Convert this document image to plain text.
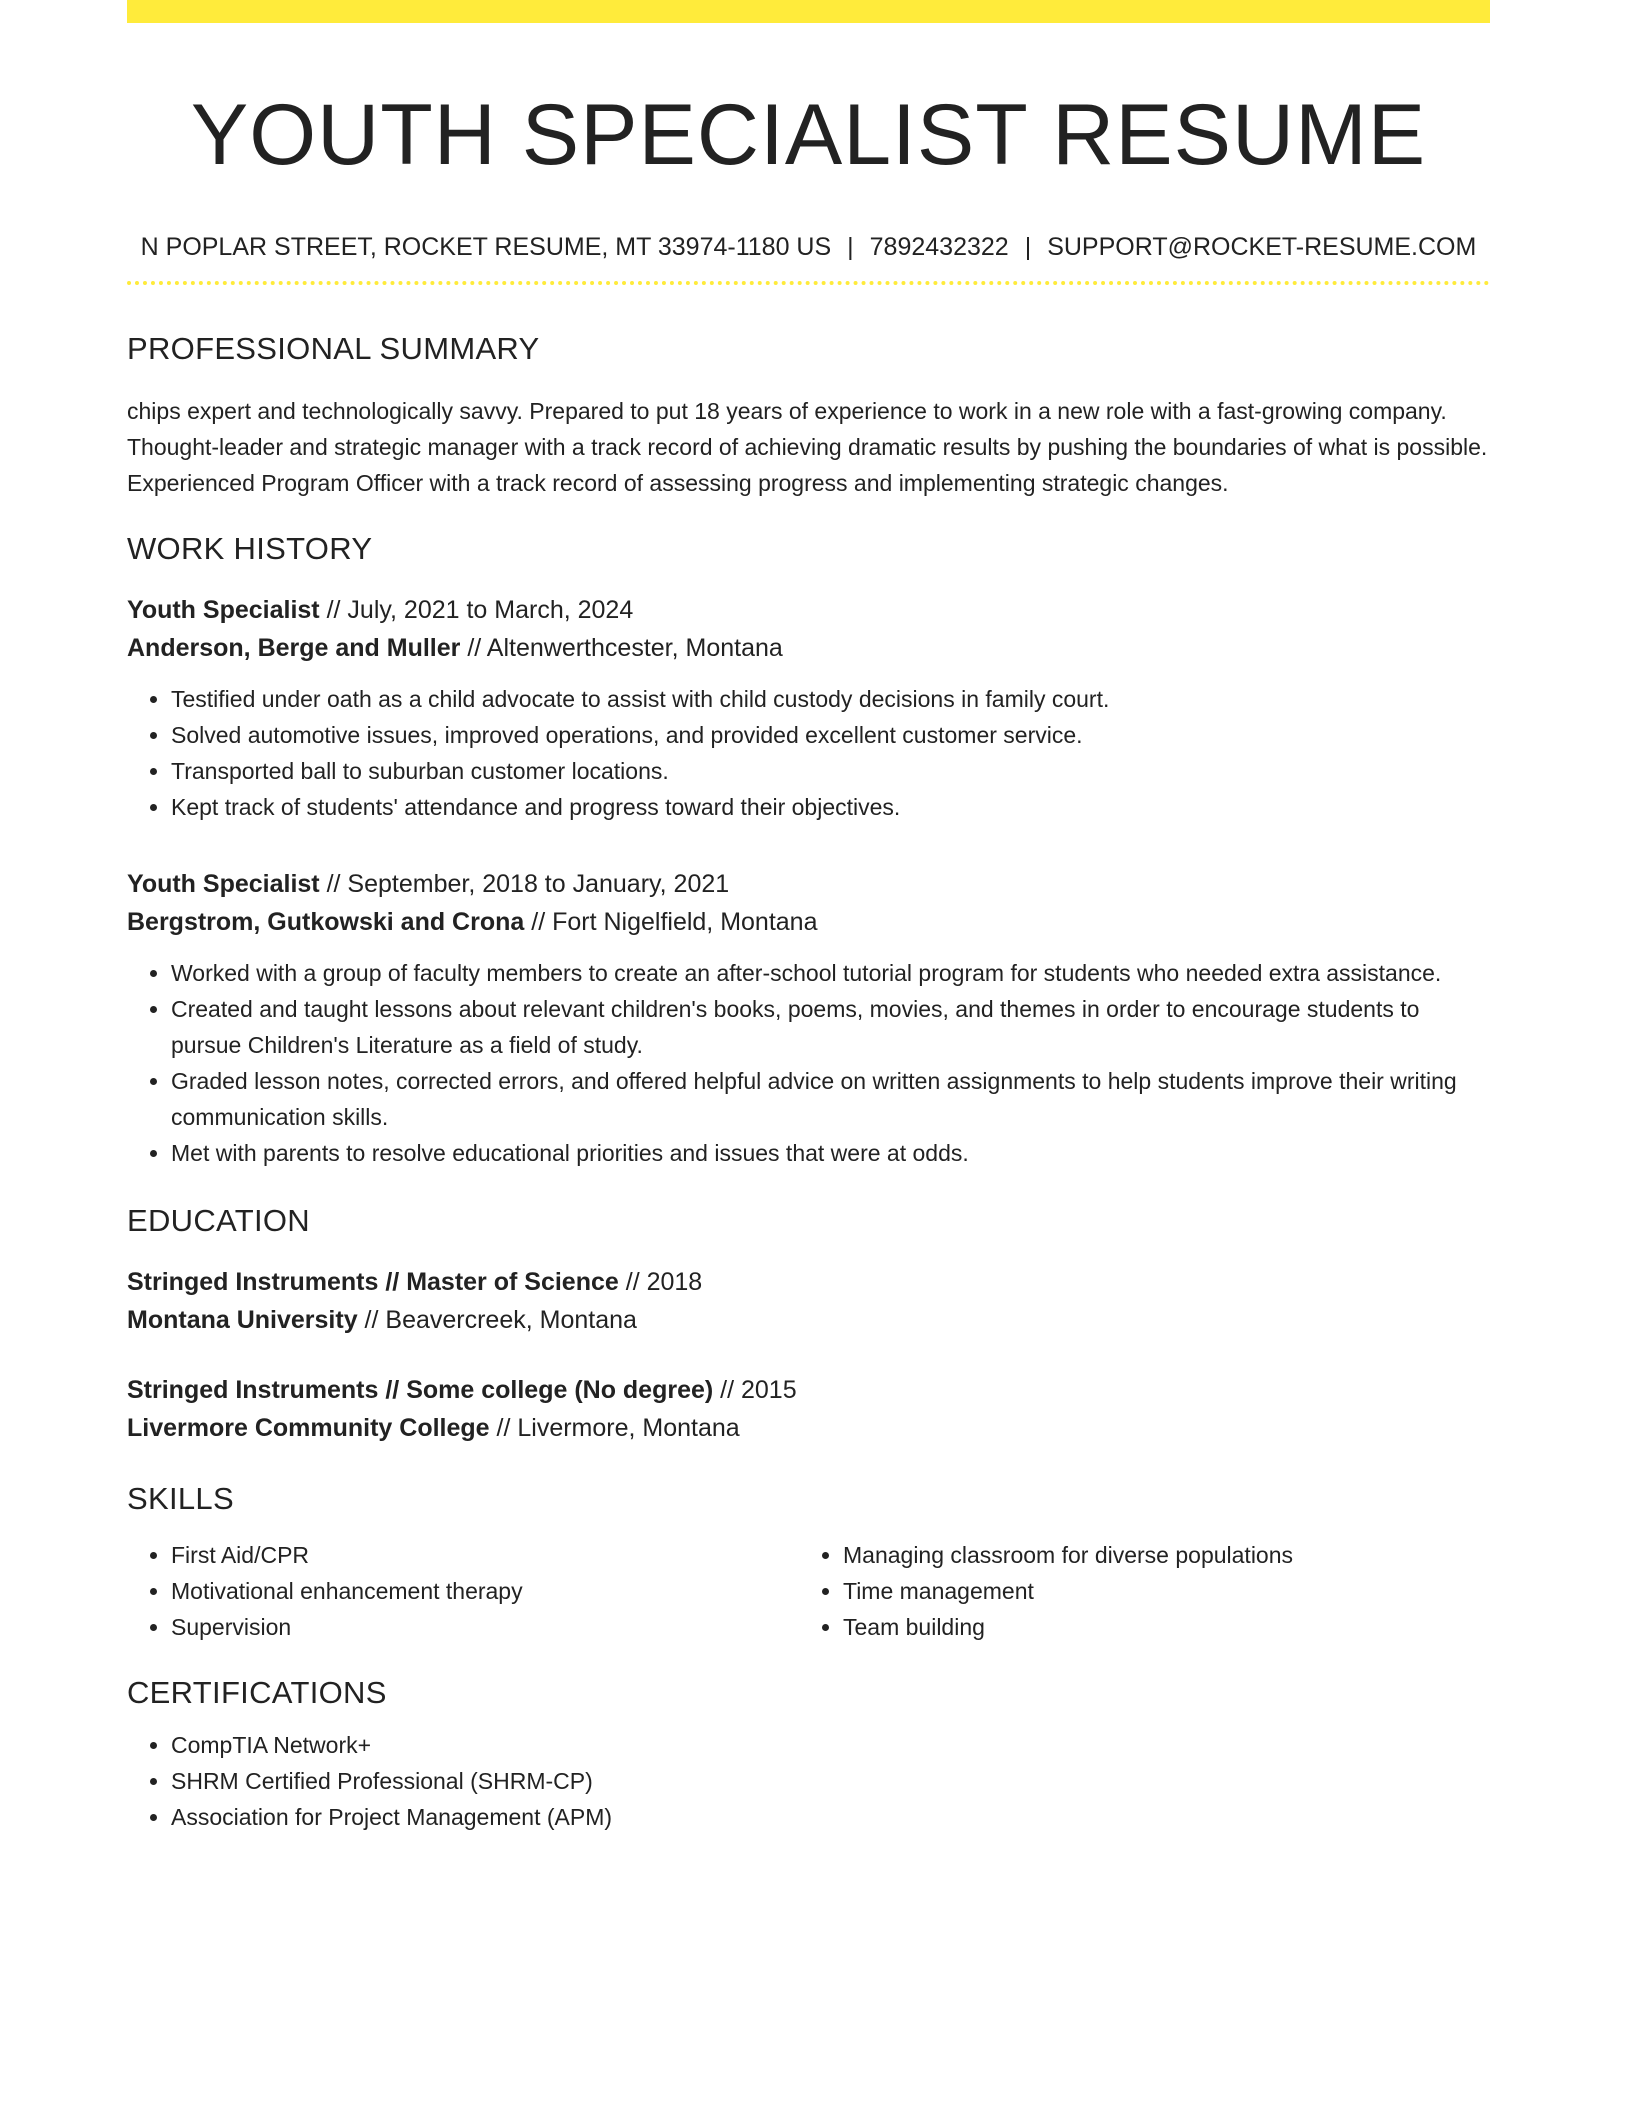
YOUTH SPECIALIST RESUME
N POPLAR STREET, ROCKET RESUME, MT 33974-1180 US | 7892432322 | SUPPORT@ROCKET-RESUME.COM
PROFESSIONAL SUMMARY
chips expert and technologically savvy. Prepared to put 18 years of experience to work in a new role with a fast-growing company. Thought-leader and strategic manager with a track record of achieving dramatic results by pushing the boundaries of what is possible. Experienced Program Officer with a track record of assessing progress and implementing strategic changes.
WORK HISTORY
Youth Specialist // July, 2021 to March, 2024
Anderson, Berge and Muller // Altenwerthcester, Montana
• Testified under oath as a child advocate to assist with child custody decisions in family court.
• Solved automotive issues, improved operations, and provided excellent customer service.
• Transported ball to suburban customer locations.
• Kept track of students' attendance and progress toward their objectives.
Youth Specialist // September, 2018 to January, 2021
Bergstrom, Gutkowski and Crona // Fort Nigelfield, Montana
• Worked with a group of faculty members to create an after-school tutorial program for students who needed extra assistance.
• Created and taught lessons about relevant children's books, poems, movies, and themes in order to encourage students to pursue Children's Literature as a field of study.
• Graded lesson notes, corrected errors, and offered helpful advice on written assignments to help students improve their writing communication skills.
• Met with parents to resolve educational priorities and issues that were at odds.
EDUCATION
Stringed Instruments // Master of Science // 2018
Montana University // Beavercreek, Montana
Stringed Instruments // Some college (No degree) // 2015
Livermore Community College // Livermore, Montana
SKILLS
• First Aid/CPR
• Motivational enhancement therapy
• Supervision
• Managing classroom for diverse populations
• Time management
• Team building
CERTIFICATIONS
• CompTIA Network+
• SHRM Certified Professional (SHRM-CP)
• Association for Project Management (APM)
